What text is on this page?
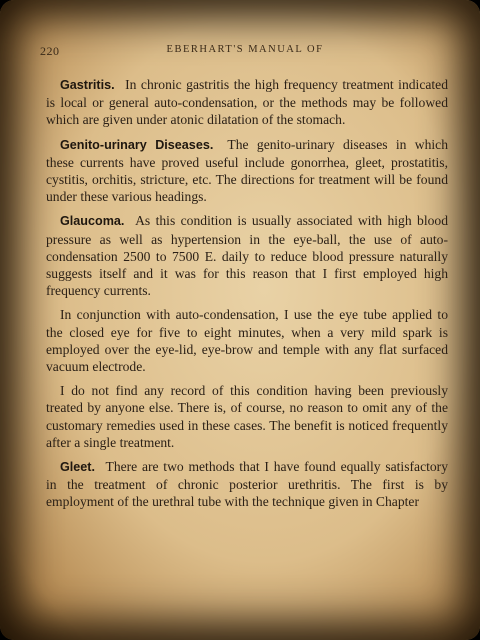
220	EBERHART'S MANUAL OF

Gastritis. In chronic gastritis the high frequency treatment indicated is local or general auto-condensation, or the methods may be followed which are given under atonic dilatation of the stomach.

Genito-urinary Diseases. The genito-urinary diseases in which these currents have proved useful include gonorrhea, gleet, prostatitis, cystitis, orchitis, stricture, etc. The directions for treatment will be found under these various headings.

Glaucoma. As this condition is usually associated with high blood pressure as well as hypertension in the eye-ball, the use of auto-condensation 2500 to 7500 E. daily to reduce blood pressure naturally suggests itself and it was for this reason that I first employed high frequency currents.

In conjunction with auto-condensation, I use the eye tube applied to the closed eye for five to eight minutes, when a very mild spark is employed over the eye-lid, eye-brow and temple with any flat surfaced vacuum electrode.

I do not find any record of this condition having been previously treated by anyone else. There is, of course, no reason to omit any of the customary remedies used in these cases. The benefit is noticed frequently after a single treatment.

Gleet. There are two methods that I have found equally satisfactory in the treatment of chronic posterior urethritis. The first is by employment of the urethral tube with the technique given in Chapter
